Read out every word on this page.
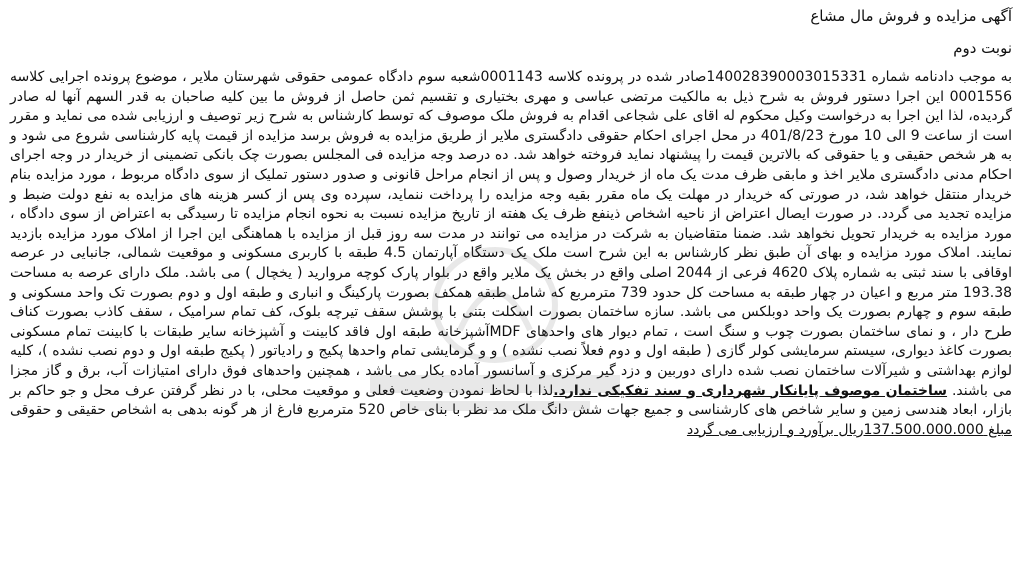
آگهی مزایده و فروش مال مشاع
نوبت دوم

به موجب دادنامه شماره 140028390003015331صادر شده در پرونده کلاسه 0001143شعبه سوم دادگاه عمومی حقوقی شهرستان ملایر ، موضوع پرونده اجرایی کلاسه 0001556 این اجرا دستور فروش به شرح ذیل به مالکیت مرتضی عباسی و مهری بختیاری و تقسیم ثمن حاصل از فروش ما بین کلیه صاحبان به قدر السهم آنها له صادر گردیده، لذا این اجرا به درخواست وکیل محکوم له اقای علی شجاعی اقدام به فروش ملک موصوف که توسط کارشناس به شرح زیر توصیف و ارزیابی شده می نماید و مقرر است از ساعت 9 الی 10 مورخ 401/8/23 در محل اجرای احکام حقوقی دادگستری ملایر از طریق مزایده به فروش برسد مزایده از قیمت پایه کارشناسی شروع می شود و به هر شخص حقیقی و یا حقوقی که بالاترین قیمت را پیشنهاد نماید فروخته خواهد شد. ده درصد وجه مزایده فی المجلس بصورت چک بانکی تضمینی از خریدار در وجه اجرای احکام مدنی دادگستری ملایر اخذ و مابقی ظرف مدت یک ماه از خریدار وصول و پس از انجام مراحل قانونی و صدور دستور تملیک از سوی دادگاه مربوط ، مورد مزایده بنام خریدار منتقل خواهد شد، در صورتی که خریدار در مهلت یک ماه مقرر بقیه وجه مزایده را پرداخت ننماید، سپرده وی پس از کسر هزینه های مزایده به نفع دولت ضبط و مزایده تجدید می گردد. در صورت ایصال اعتراض از ناحیه اشخاص ذینفع ظرف یک هفته از تاریخ مزایده نسبت به نحوه انجام مزایده تا رسیدگی به اعتراض از سوی دادگاه ، مورد مزایده به خریدار تحویل نخواهد شد. ضمنا متقاضیان به شرکت در مزایده می توانند در مدت سه روز قبل از مزایده با هماهنگی این اجرا از املاک مورد مزایده بازدید نمایند. املاک مورد مزایده و بهای آن طبق نظر کارشناس به این شرح است ملک یک دستگاه آپارتمان 4.5 طبقه با کاربری مسکونی و موقعیت شمالی، جانبایی در عرصه اوقافی با سند ثبتی به شماره پلاک 4620 فرعی از 2044 اصلی واقع در بخش یک ملایر واقع در بلوار پارک کوچه مروارید ( یخچال ) می باشد. ملک دارای عرصه به مساحت 193.38 متر مربع و اعیان در چهار طبقه به مساحت کل حدود 739 مترمربع که شامل طبقه همکف بصورت پارکینگ و انباری و طبقه اول و دوم بصورت تک واحد مسکونی و طبقه سوم و چهارم بصورت یک واحد دوبلکس می باشد. سازه ساختمان بصورت اسکلت بتنی با پوشش سقف تیرچه بلوک، کف تمام سرامیک ، سقف کاذب بصورت کناف طرح دار ، و نمای ساختمان بصورت چوب و سنگ است ، تمام دیوار های واحدهای MDFآشپزخانه طبقه اول فاقد کابینت و آشپزخانه سایر طبقات با کابینت تمام مسکونی بصورت کاغذ دیواری، سیستم سرمایشی کولر گازی ( طبقه اول و دوم فعلاً نصب نشده ) و و گرمایشی تمام واحدها پکیج و رادیاتور ( پکیج طبقه اول و دوم نصب نشده )، کلیه لوازم بهداشتی و شیرآلات ساختمان نصب شده دارای دوربین و دزد گیر مرکزی و آسانسور آماده بکار می باشد ، همچنین واحدهای فوق دارای امتیازات آب، برق و گاز مجزا می باشند. ساختمان موصوف پایانکار شهرداری و سند تفکیکی ندارد.لذا با لحاظ نمودن وضعیت فعلی و موقعیت محلی، با در نظر گرفتن عرف محل و جو حاکم بر بازار، ابعاد هندسی زمین و سایر شاخص های کارشناسی و جمیع جهات شش دانگ ملک مد نظر با بنای خاص 520 مترمربع فارغ از هر گونه بدهی به اشخاص حقیقی و حقوقی مبلغ 137.500.000.000ریال برآورد و ارزیابی می گردد
